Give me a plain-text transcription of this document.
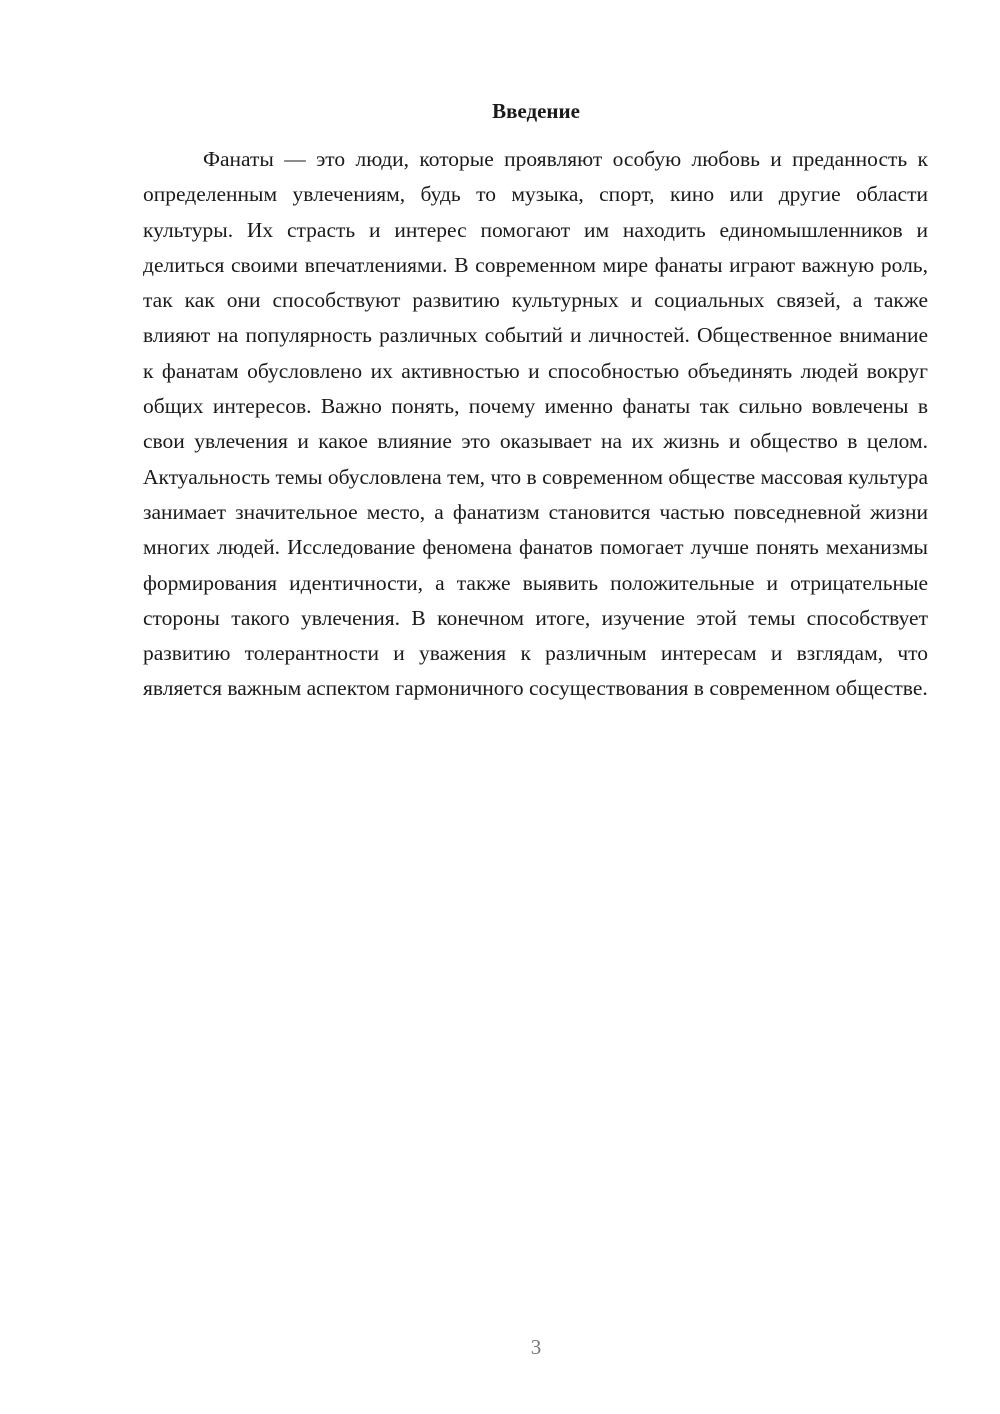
Введение

Фанаты — это люди, которые проявляют особую любовь и преданность к определенным увлечениям, будь то музыка, спорт, кино или другие области культуры. Их страсть и интерес помогают им находить единомышленников и делиться своими впечатлениями. В современном мире фанаты играют важную роль, так как они способствуют развитию культурных и социальных связей, а также влияют на популярность различных событий и личностей. Общественное внимание к фанатам обусловлено их активностью и способностью объединять людей вокруг общих интересов. Важно понять, почему именно фанаты так сильно вовлечены в свои увлечения и какое влияние это оказывает на их жизнь и общество в целом. Актуальность темы обусловлена тем, что в современном обществе массовая культура занимает значительное место, а фанатизм становится частью повседневной жизни многих людей. Исследование феномена фанатов помогает лучше понять механизмы формирования идентичности, а также выявить положительные и отрицательные стороны такого увлечения. В конечном итоге, изучение этой темы способствует развитию толерантности и уважения к различным интересам и взглядам, что является важным аспектом гармоничного сосуществования в современном обществе.

3
